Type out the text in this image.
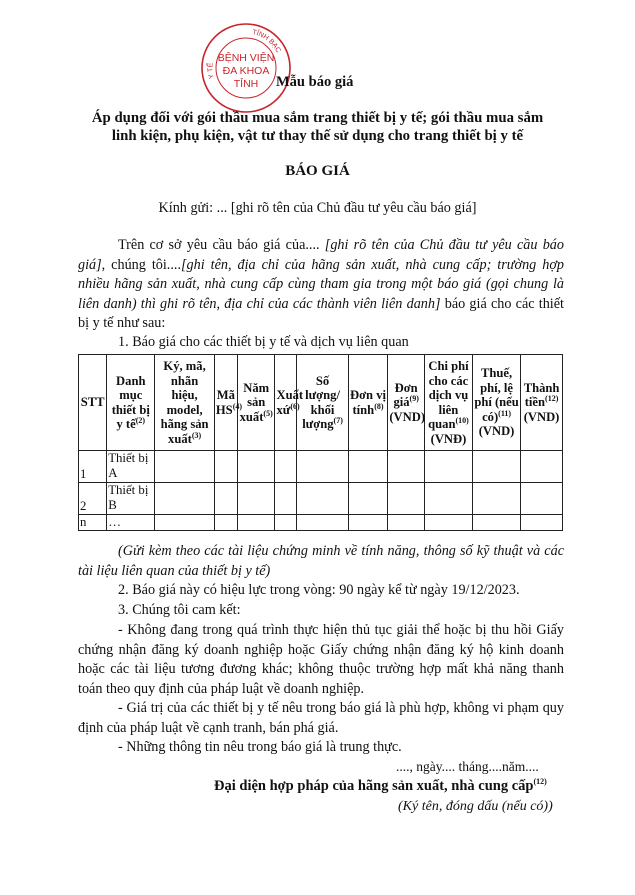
Y TẾ
TỈNH BẠC
BỆNH VIỆN
ĐA KHOA
TỈNH	Mẫu báo giá
Áp dụng đối với gói thầu mua sắm trang thiết bị y tế; gói thầu mua sắm
linh kiện, phụ kiện, vật tư thay thế sử dụng cho trang thiết bị y tế
BÁO GIÁ
Kính gửi: ... [ghi rõ tên của Chủ đầu tư yêu cầu báo giá]
Trên cơ sở yêu cầu báo giá của.... [ghi rõ tên của Chủ đầu tư yêu cầu báo giá], chúng tôi....[ghi tên, địa chỉ của hãng sản xuất, nhà cung cấp; trường hợp nhiều hãng sản xuất, nhà cung cấp cùng tham gia trong một báo giá (gọi chung là liên danh) thì ghi rõ tên, địa chỉ của các thành viên liên danh] báo giá cho các thiết bị y tế như sau:
1. Báo giá cho các thiết bị y tế và dịch vụ liên quan
STT	Danh mục thiết bị y tế$^{(2)}$	Ký, mã, nhãn hiệu, model, hãng sản xuất$^{(3)}$	Mã HS$^{(4)}$	Năm sản xuất$^{(5)}$	Xuất xứ$^{(6)}$	Số lượng/ khối lượng$^{(7)}$	Đơn vị tính$^{(8)}$	Đơn giá$^{(9)}$ (VND)	Chi phí cho các dịch vụ liên quan$^{(10)}$ (VNĐ)	Thuế, phí, lệ phí (nếu có)$^{(11)}$ (VND)	Thành tiền$^{(12)}$ (VND)
1	Thiết bị A										
2	Thiết bị B										
n	…										
(Gửi kèm theo các tài liệu chứng minh về tính năng, thông số kỹ thuật và các tài liệu liên quan của thiết bị y tế)
2. Báo giá này có hiệu lực trong vòng: 90 ngày kể từ ngày 19/12/2023.
3. Chúng tôi cam kết:
- Không đang trong quá trình thực hiện thủ tục giải thể hoặc bị thu hồi Giấy chứng nhận đăng ký doanh nghiệp hoặc Giấy chứng nhận đăng ký hộ kinh doanh hoặc các tài liệu tương đương khác; không thuộc trường hợp mất khả năng thanh toán theo quy định của pháp luật về doanh nghiệp.
- Giá trị của các thiết bị y tế nêu trong báo giá là phù hợp, không vi phạm quy định của pháp luật về cạnh tranh, bán phá giá.
- Những thông tin nêu trong báo giá là trung thực.
...., ngày.... tháng....năm....
Đại diện hợp pháp của hãng sản xuất, nhà cung cấp$^{(12)}$
(Ký tên, đóng dấu (nếu có))
